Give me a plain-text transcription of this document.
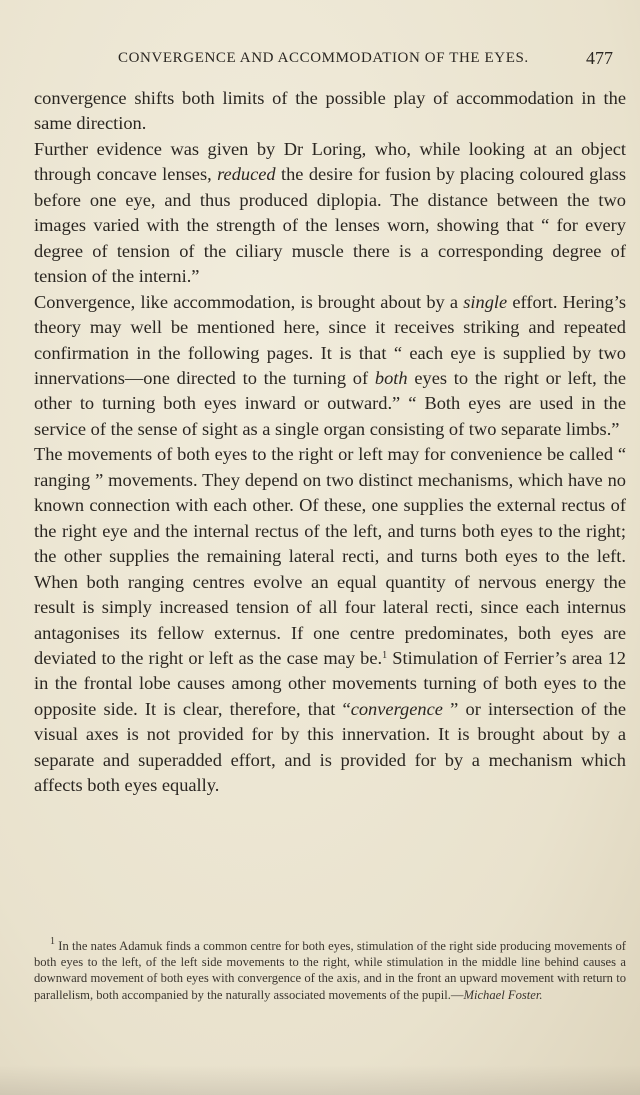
CONVERGENCE AND ACCOMMODATION OF THE EYES.	477

convergence shifts both limits of the possible play of accommodation in the same direction.

Further evidence was given by Dr Loring, who, while looking at an object through concave lenses, reduced the desire for fusion by placing coloured glass before one eye, and thus produced diplopia. The distance between the two images varied with the strength of the lenses worn, showing that “ for every degree of tension of the ciliary muscle there is a corresponding degree of tension of the interni.”

Convergence, like accommodation, is brought about by a single effort. Hering’s theory may well be mentioned here, since it receives striking and repeated confirmation in the following pages. It is that “ each eye is supplied by two innervations—one directed to the turning of both eyes to the right or left, the other to turning both eyes inward or outward.” “ Both eyes are used in the service of the sense of sight as a single organ consisting of two separate limbs.”

The movements of both eyes to the right or left may for convenience be called “ ranging ” movements. They depend on two distinct mechanisms, which have no known connection with each other. Of these, one supplies the external rectus of the right eye and the internal rectus of the left, and turns both eyes to the right; the other supplies the remaining lateral recti, and turns both eyes to the left. When both ranging centres evolve an equal quantity of nervous energy the result is simply increased tension of all four lateral recti, since each internus antagonises its fellow externus. If one centre predominates, both eyes are deviated to the right or left as the case may be.$^1$ Stimulation of Ferrier’s area 12 in the frontal lobe causes among other movements turning of both eyes to the opposite side. It is clear, therefore, that “convergence ” or intersection of the visual axes is not provided for by this innervation. It is brought about by a separate and superadded effort, and is provided for by a mechanism which affects both eyes equally.

$^1$ In the nates Adamuk finds a common centre for both eyes, stimulation of the right side producing movements of both eyes to the left, of the left side movements to the right, while stimulation in the middle line behind causes a downward movement of both eyes with convergence of the axis, and in the front an upward movement with return to parallelism, both accompanied by the naturally associated movements of the pupil.—Michael Foster.
